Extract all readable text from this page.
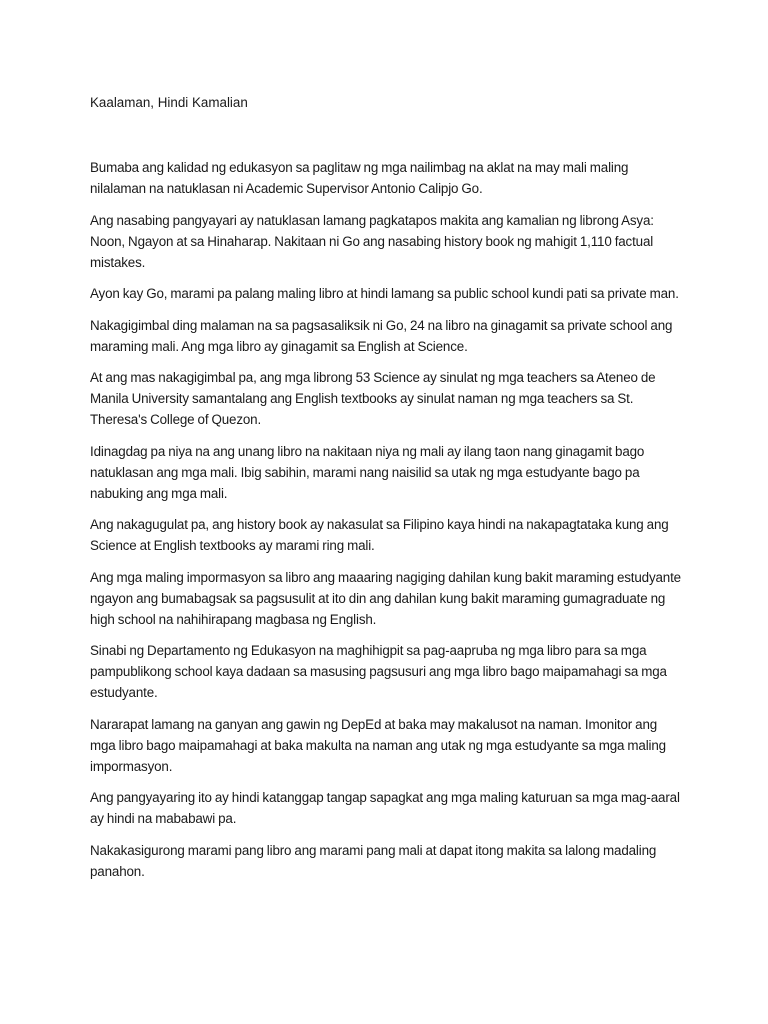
Kaalaman, Hindi Kamalian

Bumaba ang kalidad ng edukasyon sa paglitaw ng mga nailimbag na aklat na may mali maling nilalaman na natuklasan ni Academic Supervisor Antonio Calipjo Go.

Ang nasabing pangyayari ay natuklasan lamang pagkatapos makita ang kamalian ng librong Asya: Noon, Ngayon at sa Hinaharap. Nakitaan ni Go ang nasabing history book ng mahigit 1,110 factual mistakes.

Ayon kay Go, marami pa palang maling libro at hindi lamang sa public school kundi pati sa private man.

Nakagigimbal ding malaman na sa pagsasaliksik ni Go, 24 na libro na ginagamit sa private school ang maraming mali. Ang mga libro ay ginagamit sa English at Science.

At ang mas nakagigimbal pa, ang mga librong 53 Science ay sinulat ng mga teachers sa Ateneo de Manila University samantalang ang English textbooks ay sinulat naman ng mga teachers sa St. Theresa's College of Quezon.

Idinagdag pa niya na ang unang libro na nakitaan niya ng mali ay ilang taon nang ginagamit bago natuklasan ang mga mali. Ibig sabihin, marami nang naisilid sa utak ng mga estudyante bago pa nabuking ang mga mali.

Ang nakagugulat pa, ang history book ay nakasulat sa Filipino kaya hindi na nakapagtataka kung ang Science at English textbooks ay marami ring mali.

Ang mga maling impormasyon sa libro ang maaaring nagiging dahilan kung bakit maraming estudyante ngayon ang bumabagsak sa pagsusulit at ito din ang dahilan kung bakit maraming gumagraduate ng high school na nahihirapang magbasa ng English.

Sinabi ng Departamento ng Edukasyon na maghihigpit sa pag-aapruba ng mga libro para sa mga pampublikong school kaya dadaan sa masusing pagsusuri ang mga libro bago maipamahagi sa mga estudyante.

Nararapat lamang na ganyan ang gawin ng DepEd at baka may makalusot na naman. Imonitor ang mga libro bago maipamahagi at baka makulta na naman ang utak ng mga estudyante sa mga maling impormasyon.

Ang pangyayaring ito ay hindi katanggap tangap sapagkat ang mga maling katuruan sa mga mag-aaral ay hindi na mababawi pa.

Nakakasigurong marami pang libro ang marami pang mali at dapat itong makita sa lalong madaling panahon.
